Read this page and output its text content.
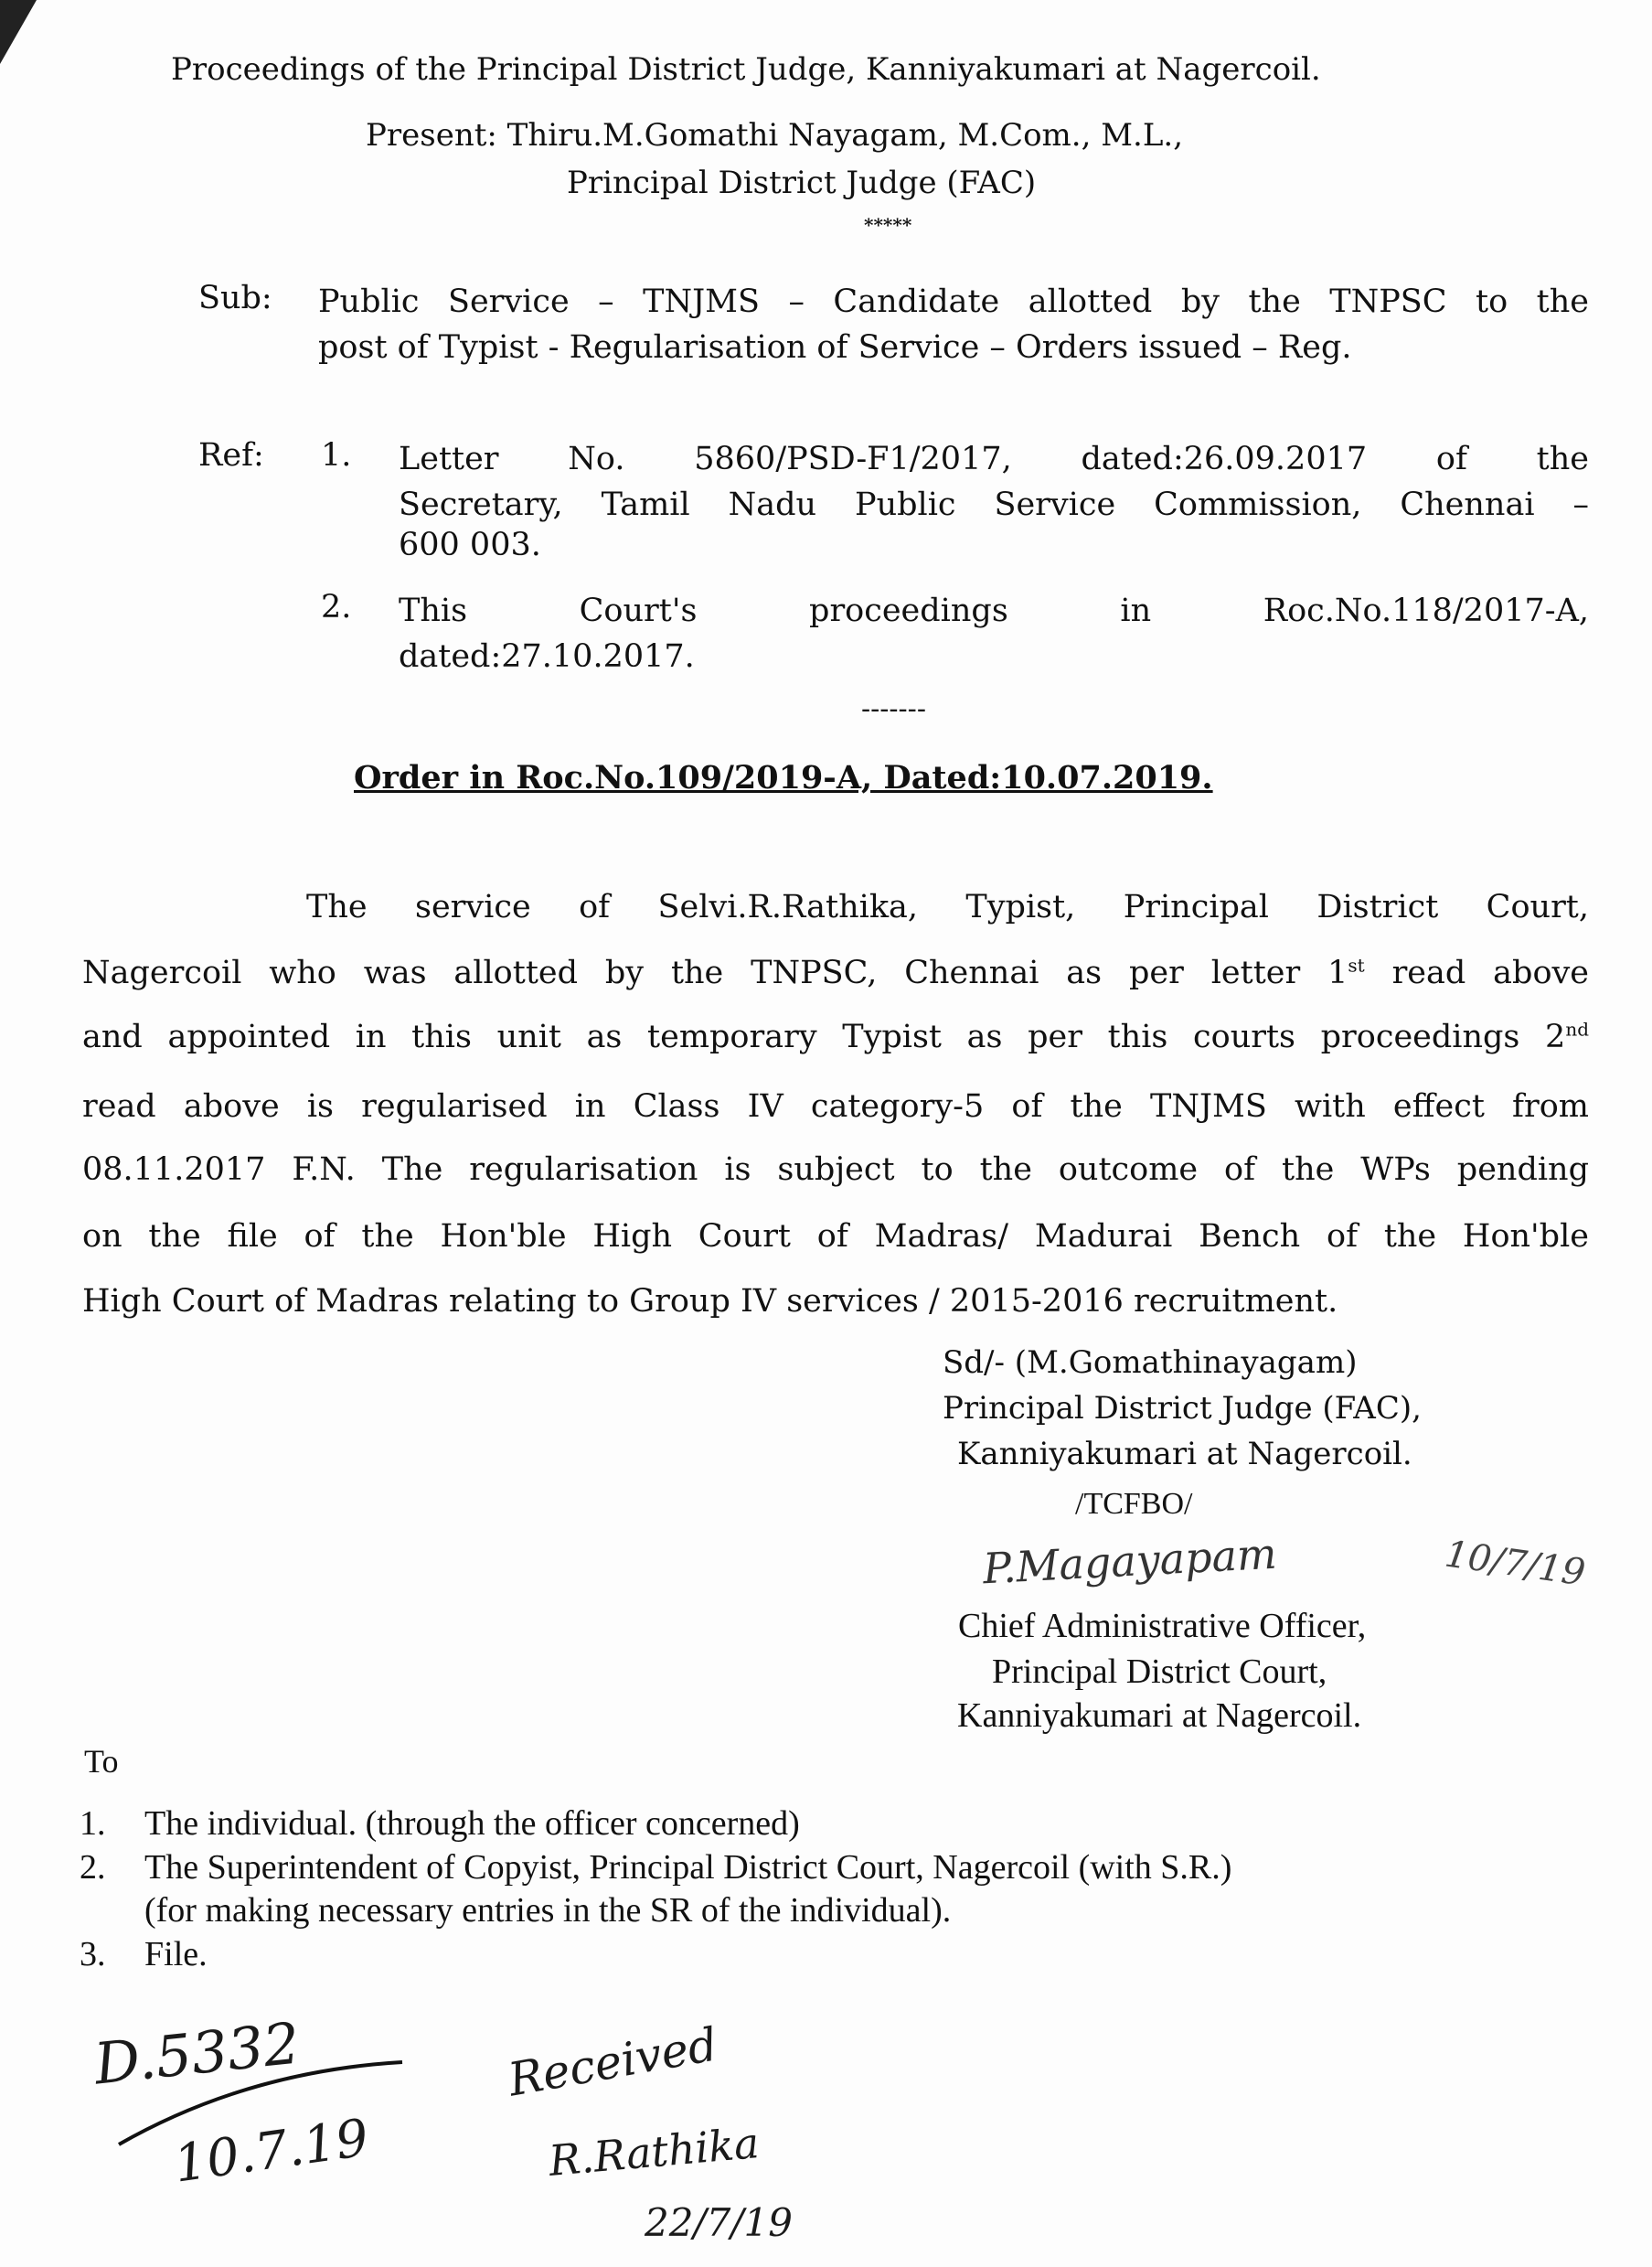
Proceedings of the Principal District Judge, Kanniyakumari at Nagercoil.
Present: Thiru.M.Gomathi Nayagam, M.Com., M.L.,
Principal District Judge (FAC)
*****
Sub: Public Service – TNJMS – Candidate allotted by the TNPSC to the
post of Typist - Regularisation of Service – Orders issued – Reg.
Ref: 1. Letter No. 5860/PSD-F1/2017, dated:26.09.2017 of the
Secretary, Tamil Nadu Public Service Commission, Chennai –
600 003.
2. This Court's proceedings in Roc.No.118/2017-A,
dated:27.10.2017.
-------
Order in Roc.No.109/2019-A, Dated:10.07.2019.
The service of Selvi.R.Rathika, Typist, Principal District Court,
Nagercoil who was allotted by the TNPSC, Chennai as per letter 1st read above
and appointed in this unit as temporary Typist as per this courts proceedings 2nd
read above is regularised in Class IV category-5 of the TNJMS with effect from
08.11.2017 F.N. The regularisation is subject to the outcome of the WPs pending
on the file of the Hon'ble High Court of Madras/ Madurai Bench of the Hon'ble
High Court of Madras relating to Group IV services / 2015-2016 recruitment.
Sd/- (M.Gomathinayagam)
Principal District Judge (FAC),
Kanniyakumari at Nagercoil.
/TCFBO/
P.Magayapam	10/7/19
Chief Administrative Officer,
Principal District Court,
Kanniyakumari at Nagercoil.
To
1. The individual. (through the officer concerned)
2. The Superintendent of Copyist, Principal District Court, Nagercoil (with S.R.)
(for making necessary entries in the SR of the individual).
3. File.
D.5332
10.7.19
Received
R.Rathika
22/7/19
